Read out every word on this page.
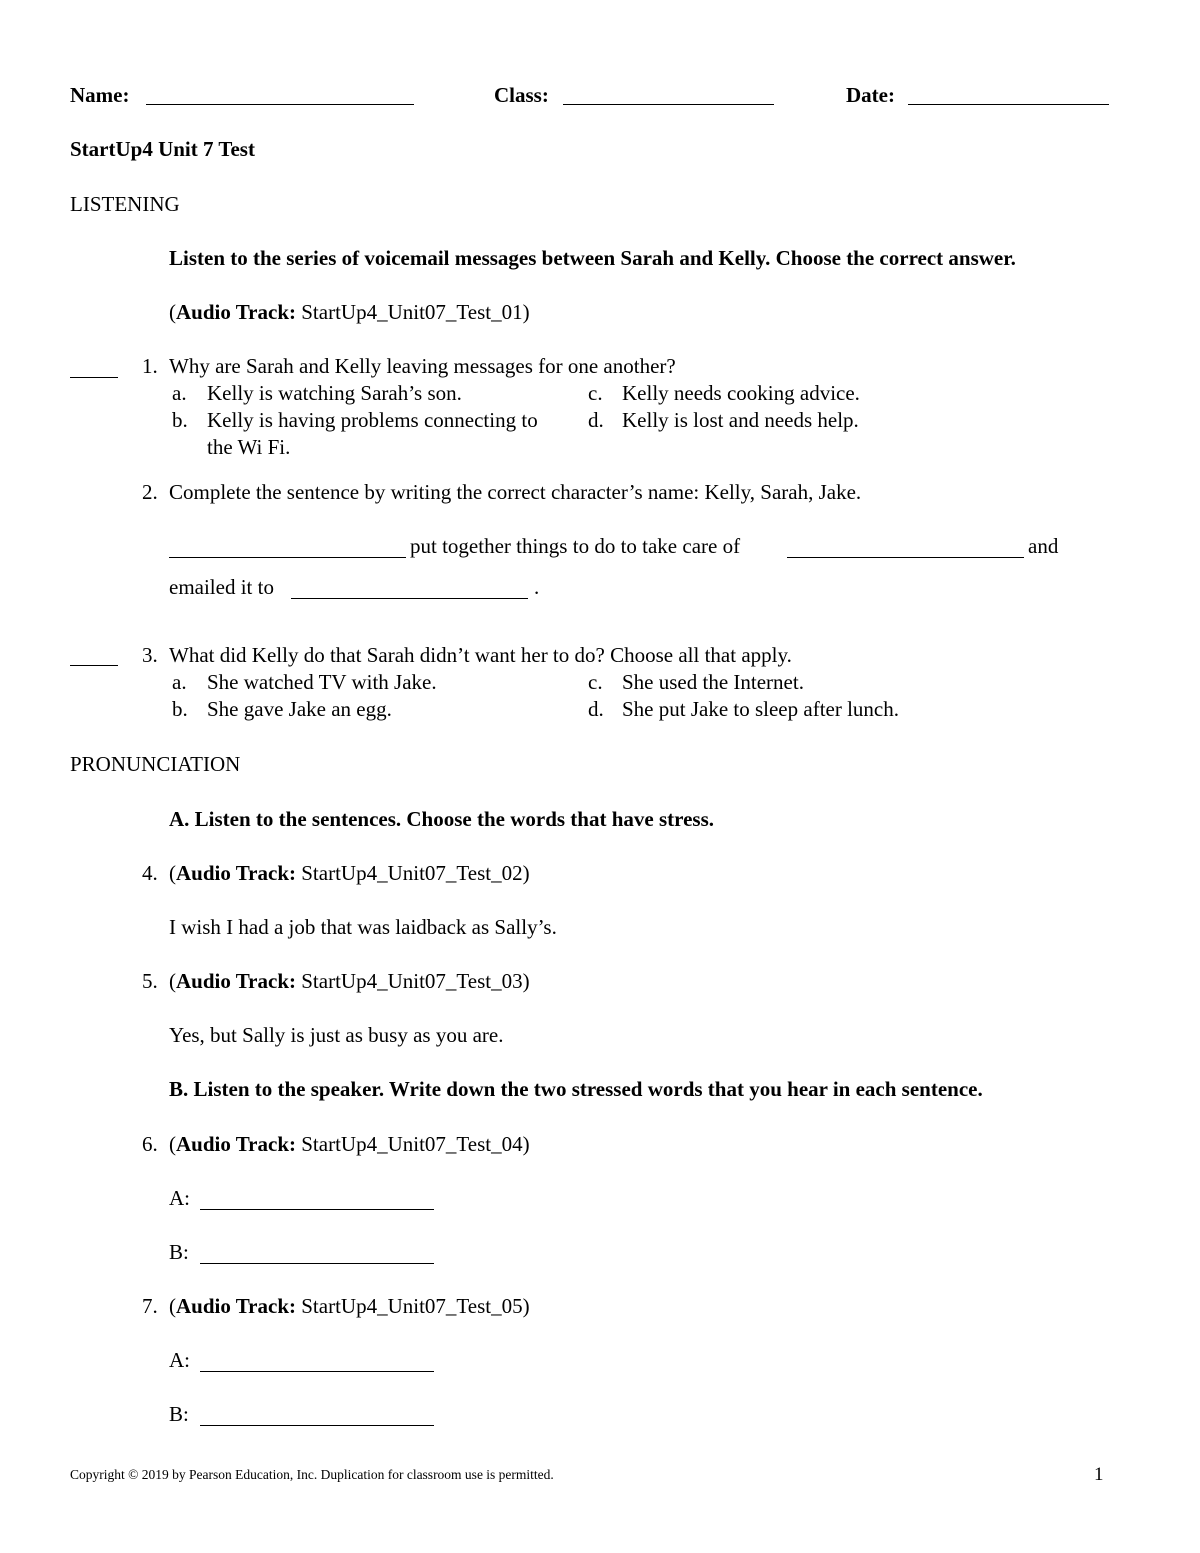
Name:	Class:	Date:
StartUp4 Unit 7 Test
LISTENING
Listen to the series of voicemail messages between Sarah and Kelly. Choose the correct answer.
(Audio Track: StartUp4_Unit07_Test_01)
1. Why are Sarah and Kelly leaving messages for one another?
a. Kelly is watching Sarah’s son.
b. Kelly is having problems connecting to
the Wi Fi.
c. Kelly needs cooking advice.
d. Kelly is lost and needs help.
2. Complete the sentence by writing the correct character’s name: Kelly, Sarah, Jake.
put together things to do to take care of	and
emailed it to	.
3. What did Kelly do that Sarah didn’t want her to do? Choose all that apply.
a. She watched TV with Jake.
b. She gave Jake an egg.
c. She used the Internet.
d. She put Jake to sleep after lunch.
PRONUNCIATION
A. Listen to the sentences. Choose the words that have stress.
4. (Audio Track: StartUp4_Unit07_Test_02)
I wish I had a job that was laidback as Sally’s.
5. (Audio Track: StartUp4_Unit07_Test_03)
Yes, but Sally is just as busy as you are.
B. Listen to the speaker. Write down the two stressed words that you hear in each sentence.
6. (Audio Track: StartUp4_Unit07_Test_04)
A:
B:
7. (Audio Track: StartUp4_Unit07_Test_05)
A:
B:
Copyright © 2019 by Pearson Education, Inc. Duplication for classroom use is permitted.	1
